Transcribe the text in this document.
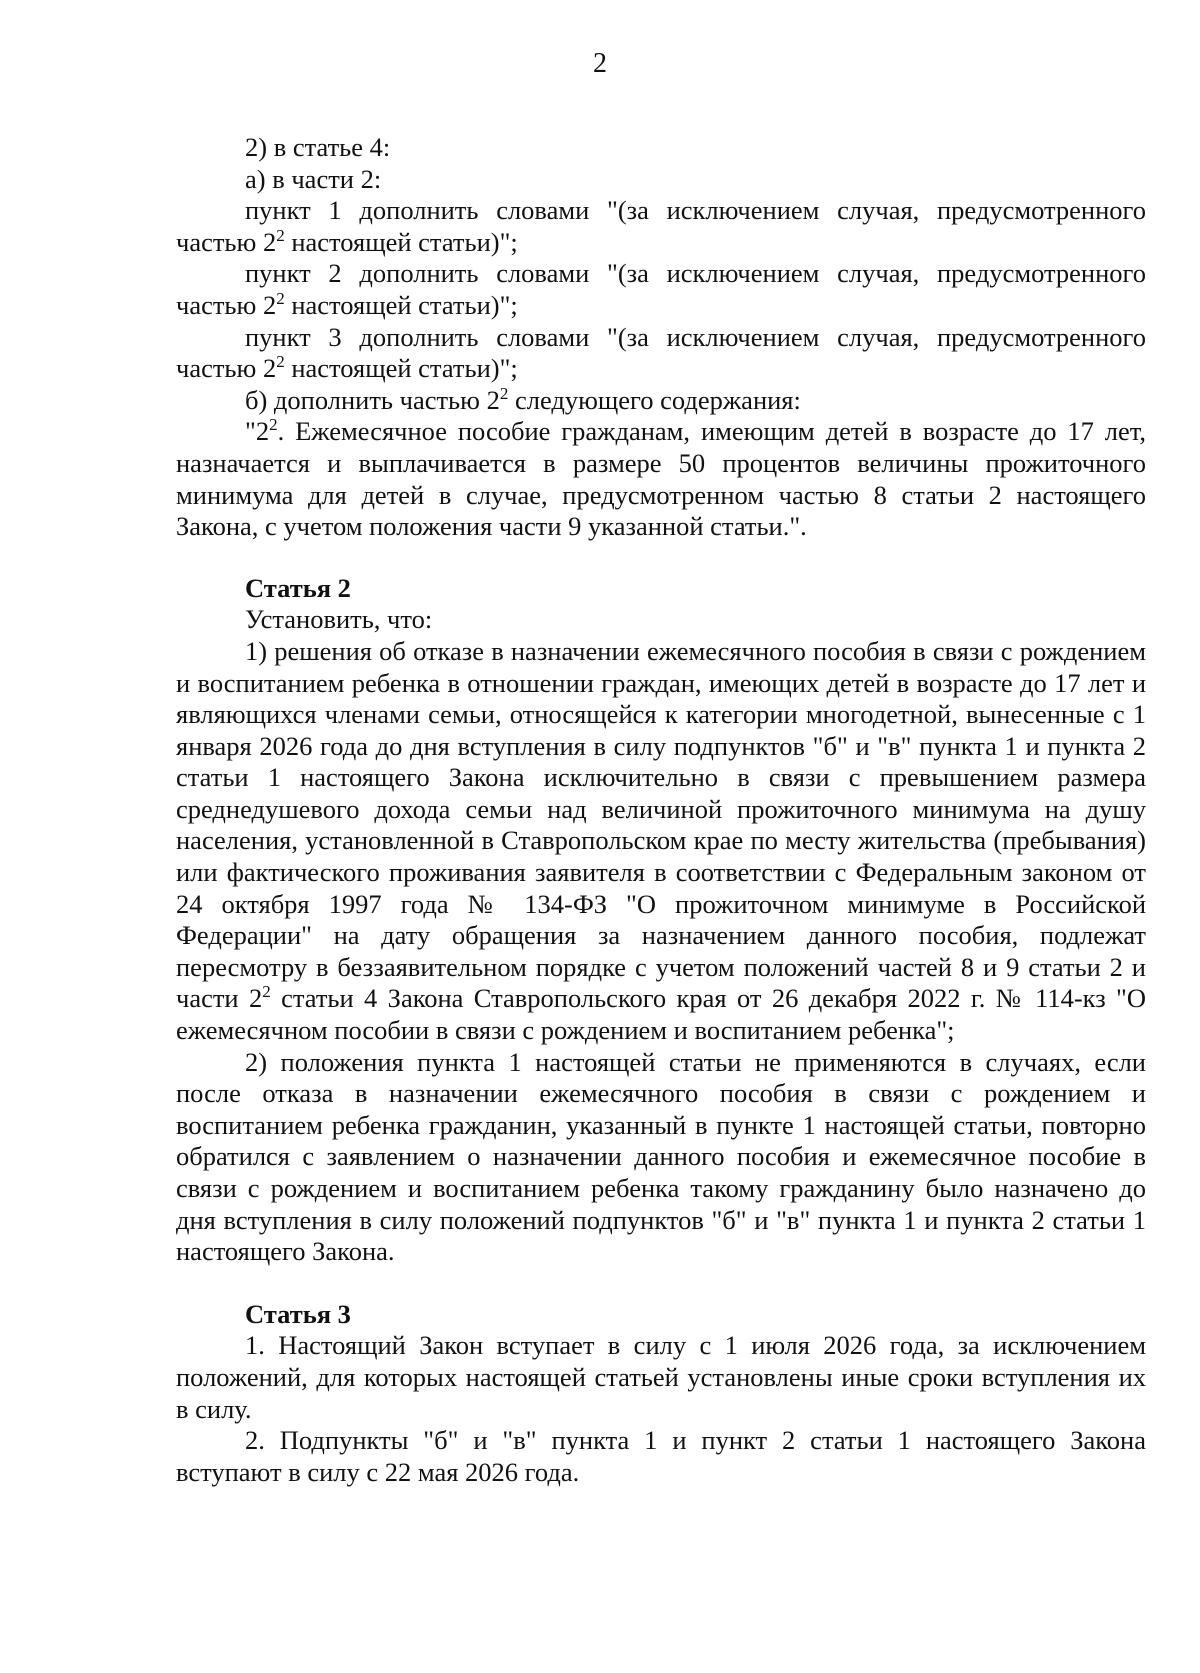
2

2) в статье 4:

а) в части 2:

пункт 1 дополнить словами "(за исключением случая, предусмотренного частью $2^2$ настоящей статьи)";

пункт 2 дополнить словами "(за исключением случая, предусмотренного частью $2^2$ настоящей статьи)";

пункт 3 дополнить словами "(за исключением случая, предусмотренного частью $2^2$ настоящей статьи)";

б) дополнить частью $2^2$ следующего содержания:

"$2^2$. Ежемесячное пособие гражданам, имеющим детей в возрасте до 17 лет, назначается и выплачивается в размере 50 процентов величины прожиточного минимума для детей в случае, предусмотренном частью 8 статьи 2 настоящего Закона, с учетом положения части 9 указанной статьи.".

Статья 2

Установить, что:

1) решения об отказе в назначении ежемесячного пособия в связи с рождением и воспитанием ребенка в отношении граждан, имеющих детей в возрасте до 17 лет и являющихся членами семьи, относящейся к категории многодетной, вынесенные с 1 января 2026 года до дня вступления в силу подпунктов "б" и "в" пункта 1 и пункта 2 статьи 1 настоящего Закона исключительно в связи с превышением размера среднедушевого дохода семьи над величиной прожиточного минимума на душу населения, установленной в Ставропольском крае по месту жительства (пребывания) или фактического проживания заявителя в соответствии с Федеральным законом от 24 октября 1997 года № 134-ФЗ "О прожиточном минимуме в Российской Федерации" на дату обращения за назначением данного пособия, подлежат пересмотру в беззаявительном порядке с учетом положений частей 8 и 9 статьи 2 и части $2^2$ статьи 4 Закона Ставропольского края от 26 декабря 2022 г. № 114-кз "О ежемесячном пособии в связи с рождением и воспитанием ребенка";

2) положения пункта 1 настоящей статьи не применяются в случаях, если после отказа в назначении ежемесячного пособия в связи с рождением и воспитанием ребенка гражданин, указанный в пункте 1 настоящей статьи, повторно обратился с заявлением о назначении данного пособия и ежемесячное пособие в связи с рождением и воспитанием ребенка такому гражданину было назначено до дня вступления в силу положений подпунктов "б" и "в" пункта 1 и пункта 2 статьи 1 настоящего Закона.

Статья 3

1. Настоящий Закон вступает в силу с 1 июля 2026 года, за исключением положений, для которых настоящей статьей установлены иные сроки вступления их в силу.

2. Подпункты "б" и "в" пункта 1 и пункт 2 статьи 1 настоящего Закона вступают в силу с 22 мая 2026 года.
